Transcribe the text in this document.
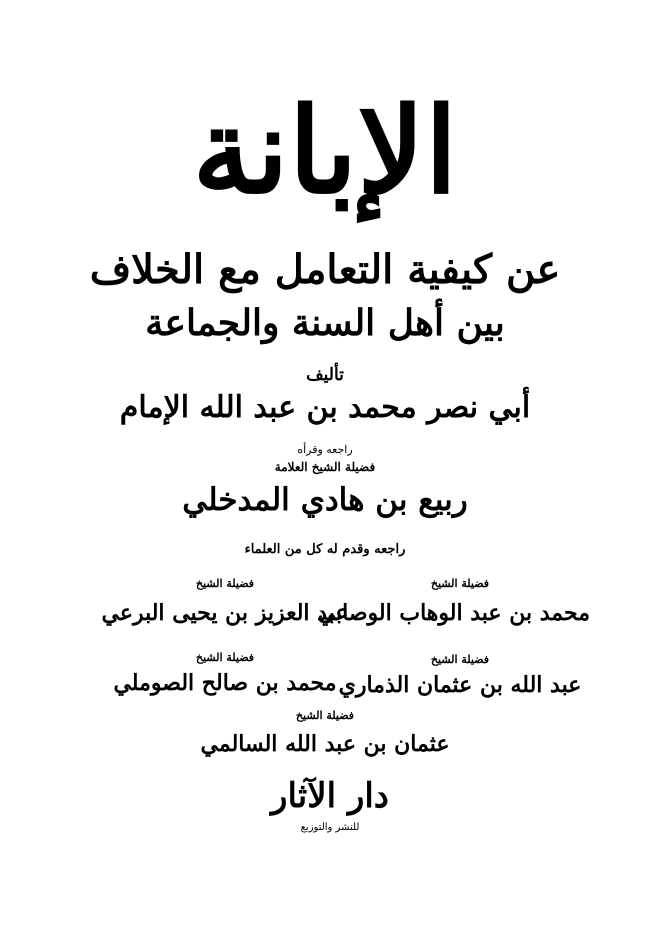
الإبانة
عن كيفية التعامل مع الخلاف
بين أهل السنة والجماعة
تأليف
أبي نصر محمد بن عبد الله الإمام
راجعه وقرأه
فضيلة الشيخ العلامة
ربيع بن هادي المدخلي
راجعه وقدم له كل من العلماء
فضيلة الشيخ
محمد بن عبد الوهاب الوصابي
فضيلة الشيخ
عبد الله بن عثمان الذماري
فضيلة الشيخ
عبد العزيز بن يحيى البرعي
فضيلة الشيخ
محمد بن صالح الصوملي
فضيلة الشيخ
عثمان بن عبد الله السالمي
دار الآثار
للنشر والتوزيع
